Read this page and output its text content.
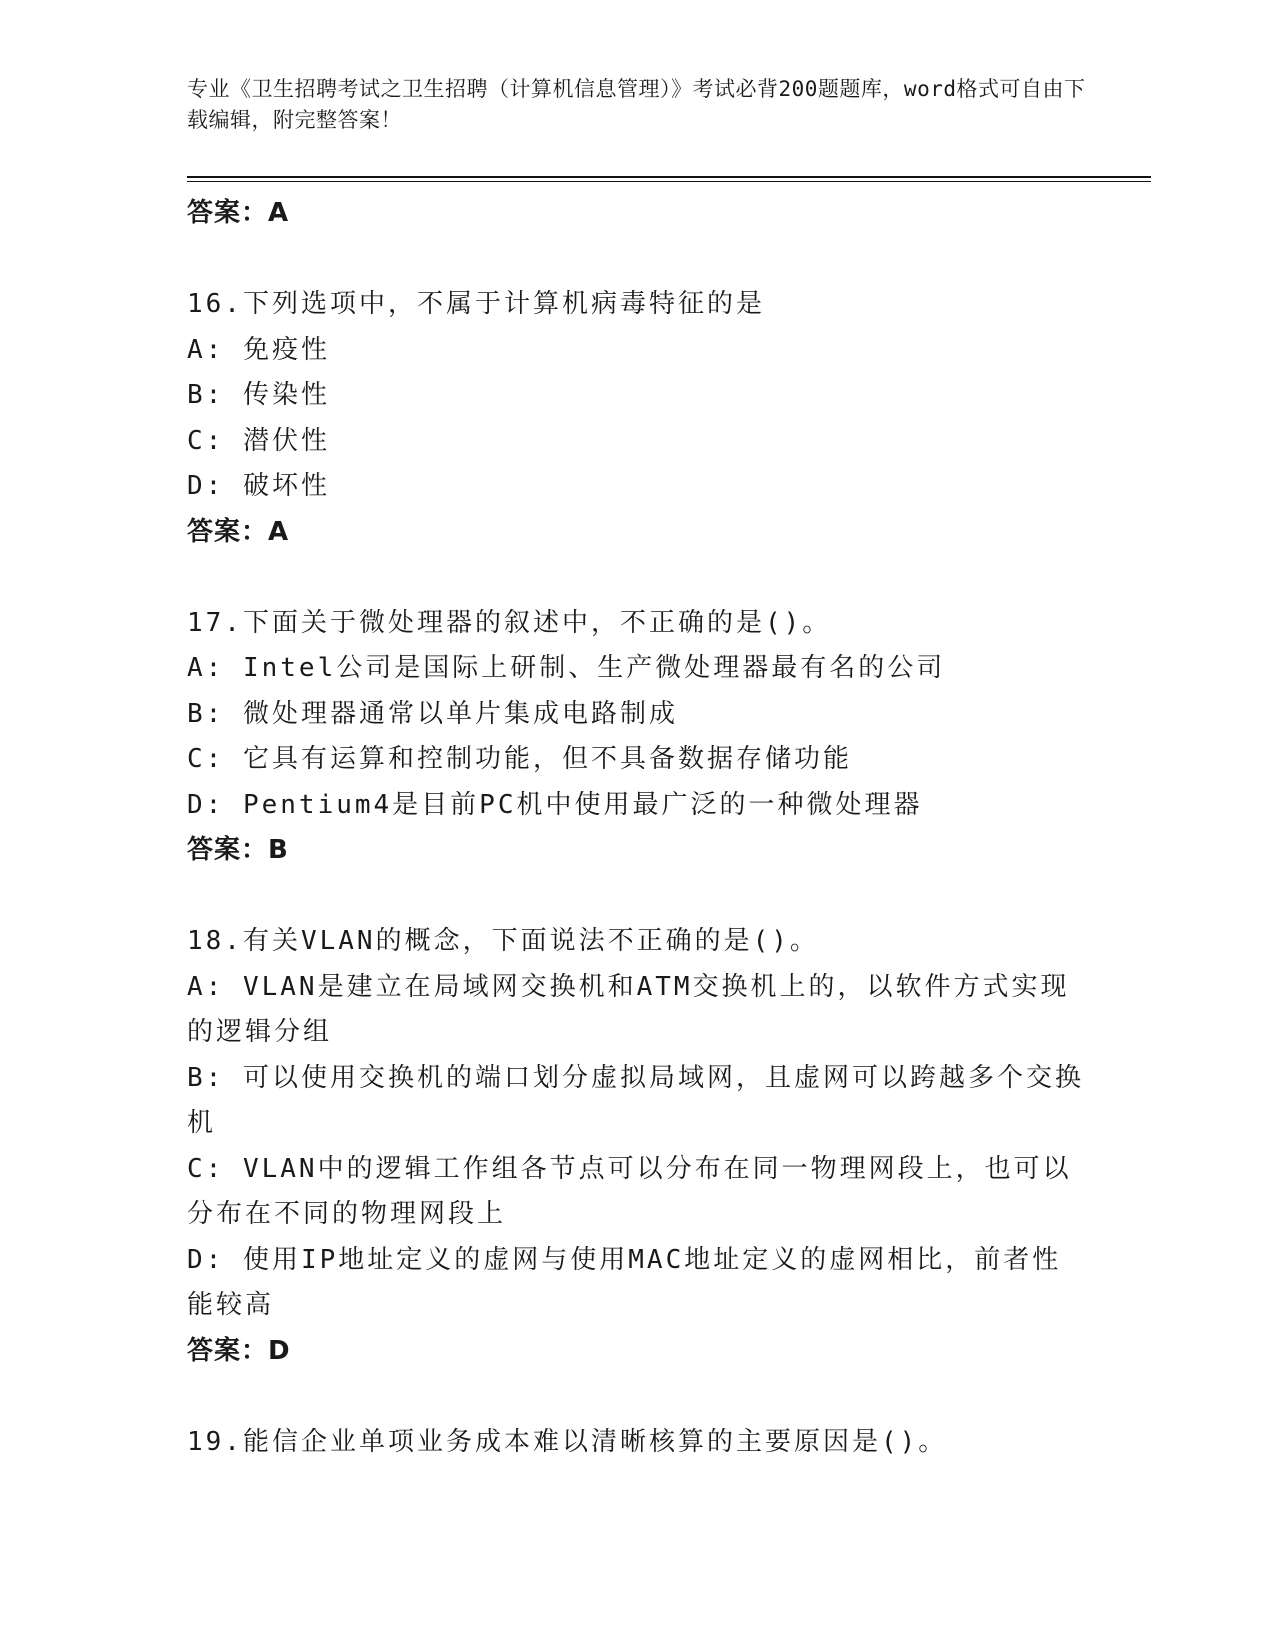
专业《卫生招聘考试之卫生招聘（计算机信息管理）》考试必背200题题库，word格式可自由下载编辑，附完整答案！
答案：A
16.下列选项中，不属于计算机病毒特征的是
A: 免疫性
B: 传染性
C: 潜伏性
D: 破坏性
答案：A
17.下面关于微处理器的叙述中，不正确的是()。
A: Intel公司是国际上研制、生产微处理器最有名的公司
B: 微处理器通常以单片集成电路制成
C: 它具有运算和控制功能，但不具备数据存储功能
D: Pentium4是目前PC机中使用最广泛的一种微处理器
答案：B
18.有关VLAN的概念，下面说法不正确的是()。
A: VLAN是建立在局域网交换机和ATM交换机上的，以软件方式实现的逻辑分组
B: 可以使用交换机的端口划分虚拟局域网，且虚网可以跨越多个交换机
C: VLAN中的逻辑工作组各节点可以分布在同一物理网段上，也可以分布在不同的物理网段上
D: 使用IP地址定义的虚网与使用MAC地址定义的虚网相比，前者性能较高
答案：D
19.能信企业单项业务成本难以清晰核算的主要原因是()。
